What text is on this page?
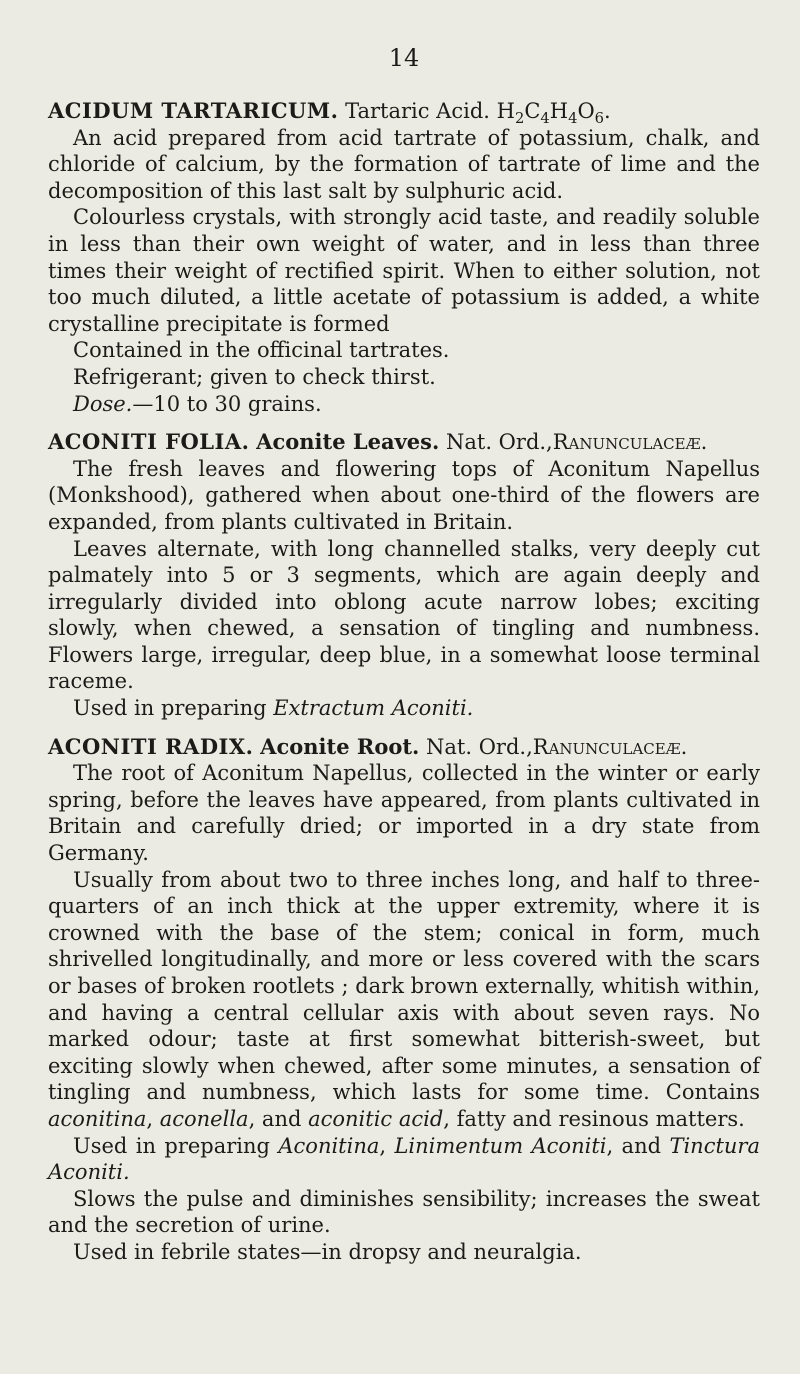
14

ACIDUM TARTARICUM. Tartaric Acid. $H_2C_4H_4O_6$.

An acid prepared from acid tartrate of potassium, chalk, and chloride of calcium, by the formation of tartrate of lime and the decomposition of this last salt by sulphuric acid.

Colourless crystals, with strongly acid taste, and readily soluble in less than their own weight of water, and in less than three times their weight of rectified spirit. When to either solution, not too much diluted, a little acetate of potassium is added, a white crystalline precipitate is formed

Contained in the officinal tartrates.

Refrigerant; given to check thirst.

Dose.—10 to 30 grains.

ACONITI FOLIA. Aconite Leaves. Nat. Ord.,Ranunculaceæ.

The fresh leaves and flowering tops of Aconitum Napellus (Monkshood), gathered when about one-third of the flowers are expanded, from plants cultivated in Britain.

Leaves alternate, with long channelled stalks, very deeply cut palmately into 5 or 3 segments, which are again deeply and irregularly divided into oblong acute narrow lobes; exciting slowly, when chewed, a sensation of tingling and numbness. Flowers large, irregular, deep blue, in a somewhat loose terminal raceme.

Used in preparing Extractum Aconiti.

ACONITI RADIX. Aconite Root. Nat. Ord.,Ranunculaceæ.

The root of Aconitum Napellus, collected in the winter or early spring, before the leaves have appeared, from plants cultivated in Britain and carefully dried; or imported in a dry state from Germany.

Usually from about two to three inches long, and half to three-quarters of an inch thick at the upper extremity, where it is crowned with the base of the stem; conical in form, much shrivelled longitudinally, and more or less covered with the scars or bases of broken rootlets ; dark brown externally, whitish within, and having a central cellular axis with about seven rays. No marked odour; taste at first somewhat bitterish-sweet, but exciting slowly when chewed, after some minutes, a sensation of tingling and numbness, which lasts for some time. Contains aconitina, aconella, and aconitic acid, fatty and resinous matters.

Used in preparing Aconitina, Linimentum Aconiti, and Tinctura Aconiti.

Slows the pulse and diminishes sensibility; increases the sweat and the secretion of urine.

Used in febrile states—in dropsy and neuralgia.
